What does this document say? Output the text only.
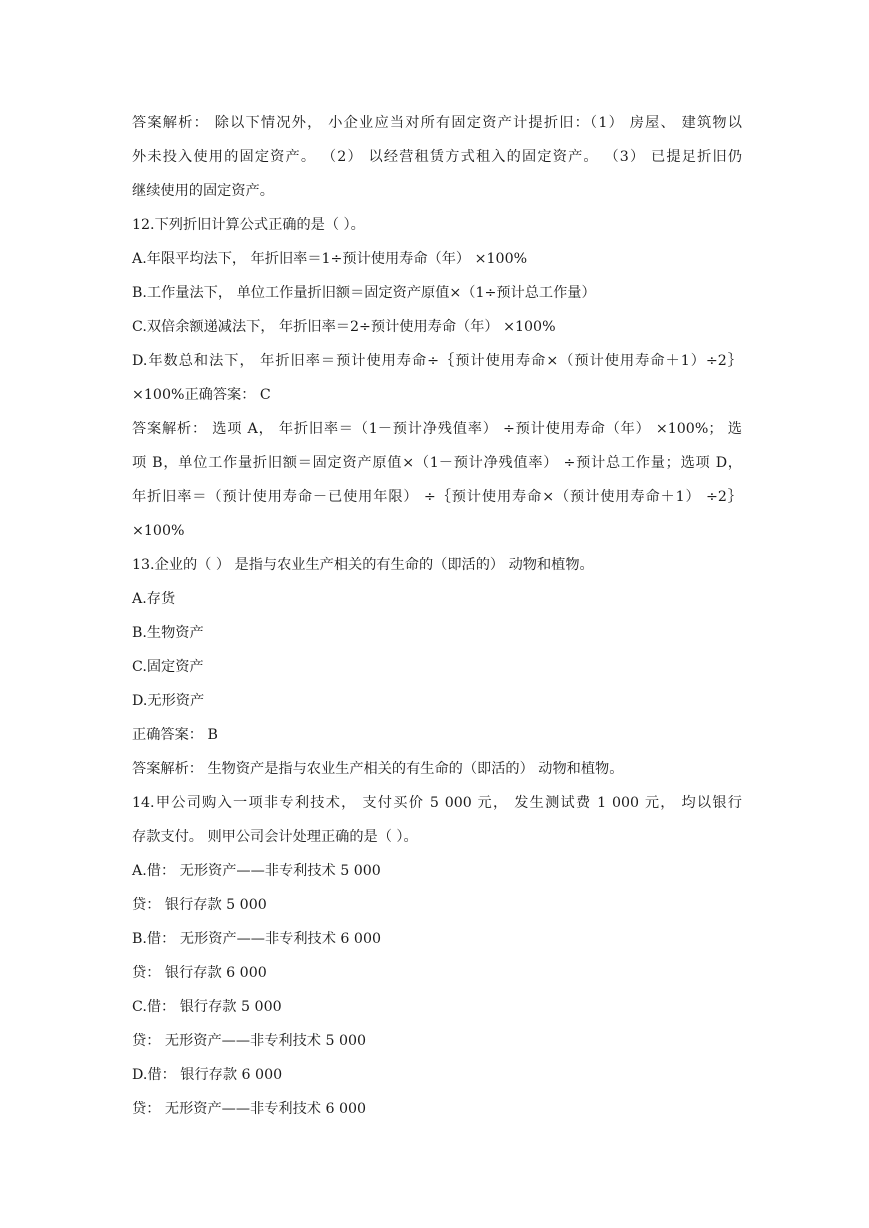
答案解析： 除以下情况外， 小企业应当对所有固定资产计提折旧：（1） 房屋、 建筑物以
外未投入使用的固定资产。 （2） 以经营租赁方式租入的固定资产。 （3） 已提足折旧仍
继续使用的固定资产。
12.下列折旧计算公式正确的是（ ）。
A.年限平均法下， 年折旧率＝1÷预计使用寿命（年） ×100%
B.工作量法下， 单位工作量折旧额＝固定资产原值×（1÷预计总工作量）
C.双倍余额递减法下， 年折旧率＝2÷预计使用寿命（年） ×100%
D.年数总和法下， 年折旧率＝预计使用寿命÷｛预计使用寿命×（预计使用寿命＋1）÷2｝
×100%正确答案： C
答案解析： 选项 A， 年折旧率＝（1－预计净残值率） ÷预计使用寿命（年） ×100%； 选
项 B，单位工作量折旧额＝固定资产原值×（1－预计净残值率） ÷预计总工作量；选项 D，
年折旧率＝（预计使用寿命－已使用年限） ÷｛预计使用寿命×（预计使用寿命＋1） ÷2｝
×100%
13.企业的（ ） 是指与农业生产相关的有生命的（即活的） 动物和植物。
A.存货
B.生物资产
C.固定资产
D.无形资产
正确答案： B
答案解析： 生物资产是指与农业生产相关的有生命的（即活的） 动物和植物。
14.甲公司购入一项非专利技术， 支付买价 5 000 元， 发生测试费 1 000 元， 均以银行
存款支付。 则甲公司会计处理正确的是（ ）。
A.借： 无形资产——非专利技术 5 000
贷： 银行存款 5 000
B.借： 无形资产——非专利技术 6 000
贷： 银行存款 6 000
C.借： 银行存款 5 000
贷： 无形资产——非专利技术 5 000
D.借： 银行存款 6 000
贷： 无形资产——非专利技术 6 000
